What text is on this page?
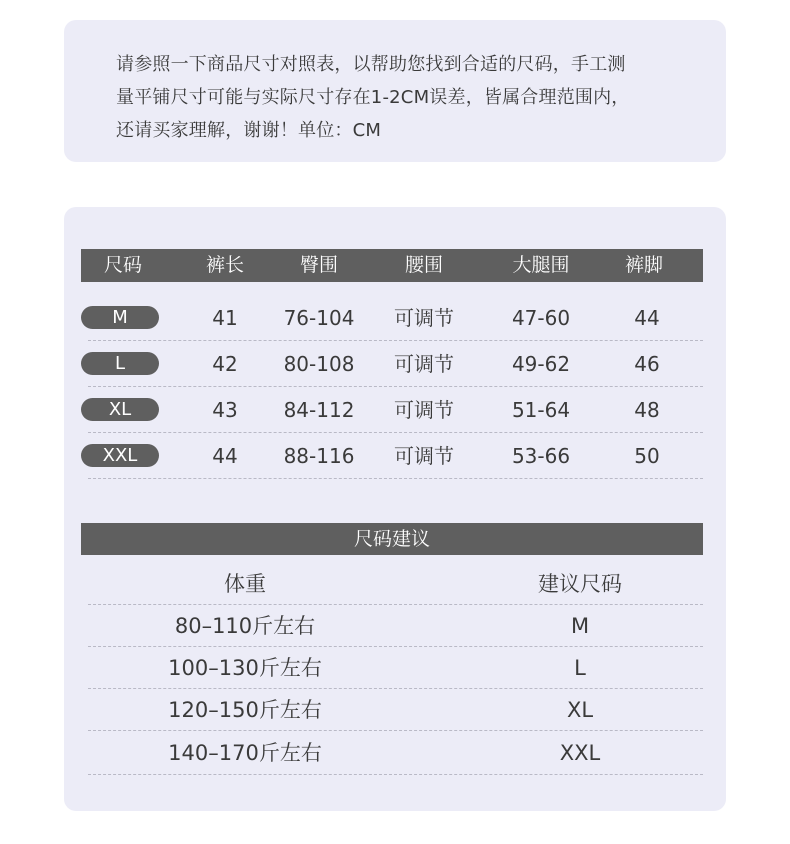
请参照一下商品尺寸对照表，以帮助您找到合适的尺码，手工测
量平铺尺寸可能与实际尺寸存在1-2CM误差，皆属合理范围内，
还请买家理解，谢谢！单位：CM

尺码	裤长	臀围	腰围	大腿围	裤脚
M	41 76-104 可调节	47-60	44
L	42 80-108 可调节	49-62	46
XL	43 84-112 可调节	51-64	48
XXL	44 88-116 可调节	53-66	50
尺码建议
体重	建议尺码
80–110斤左右	M
100–130斤左右	L
120–150斤左右	XL
140–170斤左右	XXL
